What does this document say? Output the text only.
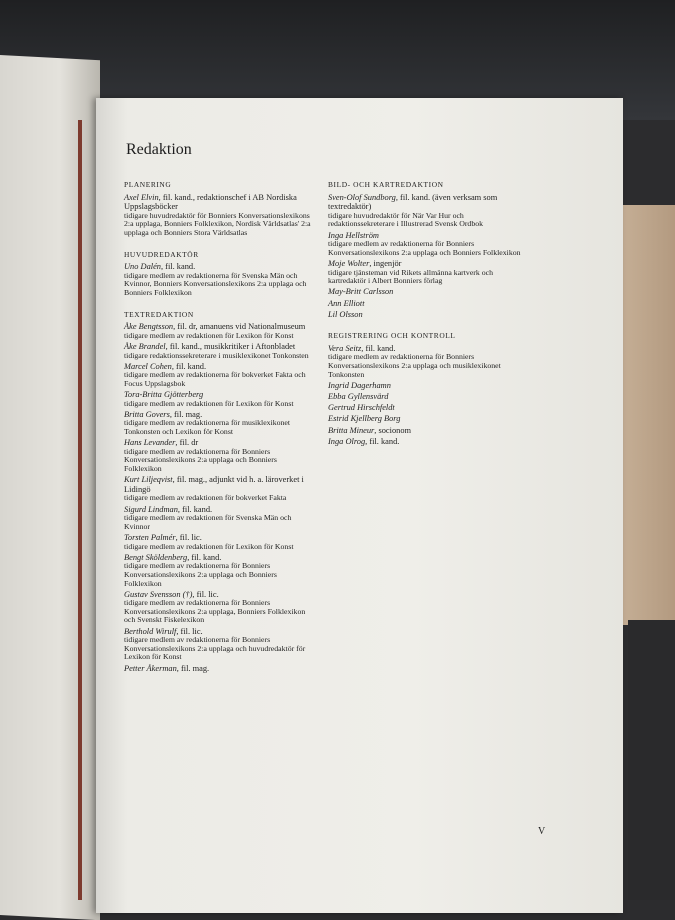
Redaktion
PLANERING
Axel Elvin, fil. kand., redaktionschef i AB Nordiska Uppslagsböcker
tidigare huvudredaktör för Bonniers Konversationslexikons 2:a upplaga, Bonniers Folklexikon, Nordisk Världsatlas' 2:a upplaga och Bonniers Stora Världsatlas
HUVUDREDAKTÖR
Uno Dalén, fil. kand.
tidigare medlem av redaktionerna för Svenska Män och Kvinnor, Bonniers Konversationslexikons 2:a upplaga och Bonniers Folklexikon
TEXTREDAKTION
Åke Bengtsson, fil. dr, amanuens vid Nationalmuseum
tidigare medlem av redaktionen för Lexikon för Konst
Åke Brandel, fil. kand., musikkritiker i Aftonbladet
tidigare redaktionssekreterare i musiklexikonet Tonkonsten
Marcel Cohen, fil. kand.
tidigare medlem av redaktionerna för bokverket Fakta och Focus Uppslagsbok
Tora-Britta Gjötterberg
tidigare medlem av redaktionen för Lexikon för Konst
Britta Govers, fil. mag.
tidigare medlem av redaktionerna för musiklexikonet Tonkonsten och Lexikon för Konst
Hans Levander, fil. dr
tidigare medlem av redaktionerna för Bonniers Konversationslexikons 2:a upplaga och Bonniers Folklexikon
Kurt Liljeqvist, fil. mag., adjunkt vid h. a. läroverket i Lidingö
tidigare medlem av redaktionen för bokverket Fakta
Sigurd Lindman, fil. kand.
tidigare medlem av redaktionen för Svenska Män och Kvinnor
Torsten Palmér, fil. lic.
tidigare medlem av redaktionen för Lexikon för Konst
Bengt Sköldenberg, fil. kand.
tidigare medlem av redaktionerna för Bonniers Konversationslexikons 2:a upplaga och Bonniers Folklexikon
Gustav Svensson (†), fil. lic.
tidigare medlem av redaktionerna för Bonniers Konversationslexikons 2:a upplaga, Bonniers Folklexikon och Svenskt Fiskelexikon
Berthold Wirulf, fil. lic.
tidigare medlem av redaktionerna för Bonniers Konversationslexikons 2:a upplaga och huvudredaktör för Lexikon för Konst
Petter Åkerman, fil. mag.
BILD- OCH KARTREDAKTION
Sven-Olof Sundborg, fil. kand. (även verksam som textredaktör)
tidigare huvudredaktör för När Var Hur och redaktionssekreterare i Illustrerad Svensk Ordbok
Inga Hellström
tidigare medlem av redaktionerna för Bonniers Konversationslexikons 2:a upplaga och Bonniers Folklexikon
Moje Wolter, ingenjör
tidigare tjänsteman vid Rikets allmänna kartverk och kartredaktör i Albert Bonniers förlag
May-Britt Carlsson
Ann Elliott
Lil Olsson
REGISTRERING OCH KONTROLL
Vera Seitz, fil. kand.
tidigare medlem av redaktionerna för Bonniers Konversationslexikons 2:a upplaga och musiklexikonet Tonkonsten
Ingrid Dagerhamn
Ebba Gyllensvärd
Gertrud Hirschfeldt
Estrid Kjellberg Borg
Britta Mineur, socionom
Inga Olrog, fil. kand.
V
